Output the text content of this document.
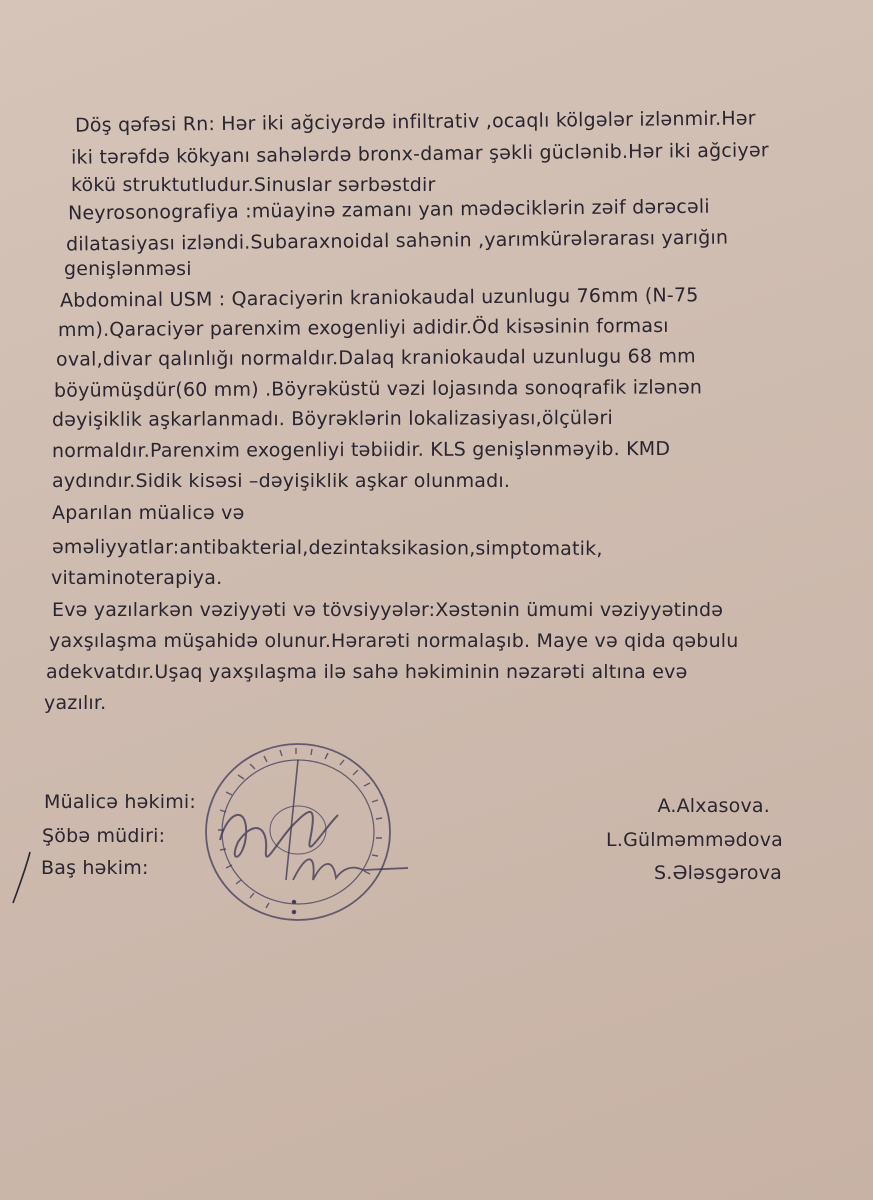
Döş qəfəsi Rn: Hər iki ağciyərdə infiltrativ ,ocaqlı kölgələr izlənmir.Hər

iki tərəfdə kökyanı sahələrdə bronx-damar şəkli güclənib.Hər iki ağciyər

kökü struktutludur.Sinuslar sərbəstdir

Neyrosonografiya :müayinə zamanı yan mədəciklərin zəif dərəcəli

dilatasiyası izləndi.Subaraxnoidal sahənin ,yarımkürələrarası yarığın

genişlənməsi

Abdominal USM : Qaraciyərin kraniokaudal uzunlugu 76mm (N-75

mm).Qaraciyər parenxim exogenliyi adidir.Öd kisəsinin forması

oval,divar qalınlığı normaldır.Dalaq kraniokaudal uzunlugu 68 mm

böyümüşdür(60 mm) .Böyrəküstü vəzi lojasında sonoqrafik izlənən

dəyişiklik aşkarlanmadı. Böyrəklərin lokalizasiyası,ölçüləri

normaldır.Parenxim exogenliyi təbiidir. KLS genişlənməyib. KMD

aydındır.Sidik kisəsi –dəyişiklik aşkar olunmadı.

Aparılan müalicə və

əməliyyatlar:antibakterial,dezintaksikasion,simptomatik,

vitaminoterapiya.

Evə yazılarkən vəziyyəti və tövsiyyələr:Xəstənin ümumi vəziyyətində

yaxşılaşma müşahidə olunur.Hərarəti normalaşıb. Maye və qida qəbulu

adekvatdır.Uşaq yaxşılaşma ilə sahə həkiminin nəzarəti altına evə

yazılır.

Müalicə həkimi:

Şöbə müdiri:

Baş həkim:

A.Alxasova.

L.Gülməmmədova

S.Ələsgərova
